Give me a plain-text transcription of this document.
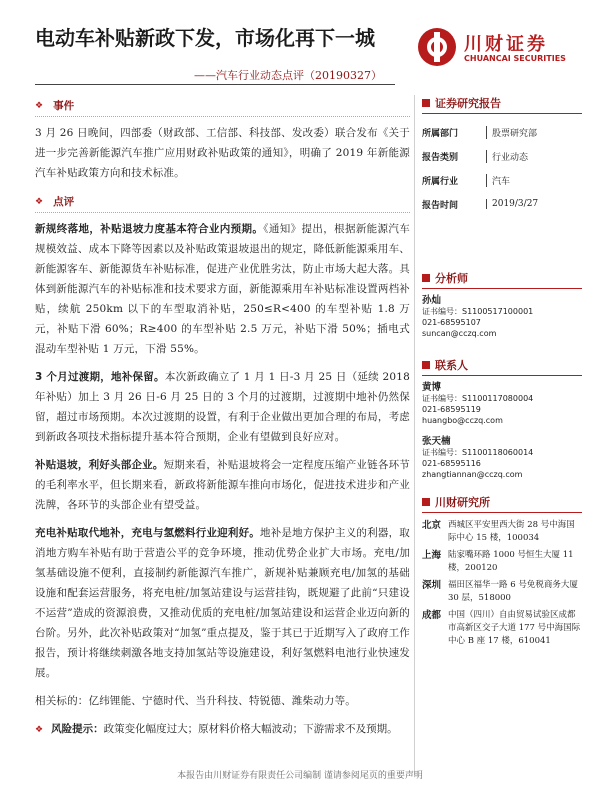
电动车补贴新政下发，市场化再下一城
——汽车行业动态点评（20190327）
川财证券
CHUANCAI SECURITIES
❖ 事件

3 月 26 日晚间，四部委（财政部、工信部、科技部、发改委）联合发布《关于进一步完善新能源汽车推广应用财政补贴政策的通知》，明确了 2019 年新能源汽车补贴政策方向和技术标准。

❖ 点评

新规终落地，补贴退坡力度基本符合业内预期。《通知》提出，根据新能源汽车规模效益、成本下降等因素以及补贴政策退坡退出的规定，降低新能源乘用车、新能源客车、新能源货车补贴标准，促进产业优胜劣汰，防止市场大起大落。具体到新能源汽车的补贴标准和技术要求方面，新能源乘用车补贴标准设置两档补贴，续航 250km 以下的车型取消补贴，250≤R<400 的车型补贴 1.8 万元，补贴下滑 60%；R≥400 的车型补贴 2.5 万元，补贴下滑 50%；插电式混动车型补贴 1 万元，下滑 55%。

3 个月过渡期，地补保留。本次新政确立了 1 月 1 日-3 月 25 日（延续 2018 年补贴）加上 3 月 26 日-6 月 25 日的 3 个月的过渡期，过渡期中地补仍然保留，超过市场预期。本次过渡期的设置，有利于企业做出更加合理的布局，考虑到新政各项技术指标提升基本符合预期，企业有望做到良好应对。

补贴退坡，利好头部企业。短期来看，补贴退坡将会一定程度压缩产业链各环节的毛利率水平，但长期来看，新政将新能源车推向市场化，促进技术进步和产业洗牌，各环节的头部企业有望受益。

充电补贴取代地补，充电与氢燃料行业迎利好。地补是地方保护主义的利器，取消地方购车补贴有助于营造公平的竞争环境，推动优势企业扩大市场。充电/加氢基础设施不便利，直接制约新能源汽车推广，新规补贴兼顾充电/加氢的基础设施和配套运营服务，将充电桩/加氢站建设与运营挂钩，既规避了此前“只建设不运营”造成的资源浪费，又推动优质的充电桩/加氢站建设和运营企业迈向新的台阶。另外，此次补贴政策对“加氢”重点提及，鉴于其已于近期写入了政府工作报告，预计将继续刺激各地支持加氢站等设施建设，利好氢燃料电池行业快速发展。

相关标的：亿纬锂能、宁德时代、当升科技、特锐德、潍柴动力等。

❖ 风险提示：政策变化幅度过大；原材料价格大幅波动；下游需求不及预期。
证券研究报告
所属部门	股票研究部
报告类别	行业动态
所属行业	汽车
报告时间	2019/3/27
分析师
孙灿
证书编号：S1100517100001
021-68595107
suncan@cczq.com
联系人
黄博
证书编号：S1100117080004
021-68595119
huangbo@cczq.com
张天楠
证书编号：S1100118060014
021-68595116
zhangtiannan@cczq.com
川财研究所
北京 西城区平安里西大街 28 号中海国际中心 15 楼，100034
上海 陆家嘴环路 1000 号恒生大厦 11 楼，200120
深圳 福田区福华一路 6 号免税商务大厦 30 层，518000
成都 中国（四川）自由贸易试验区成都市高新区交子大道 177 号中海国际中心 B 座 17 楼，610041
本报告由川财证券有限责任公司编制 谨请参阅尾页的重要声明
